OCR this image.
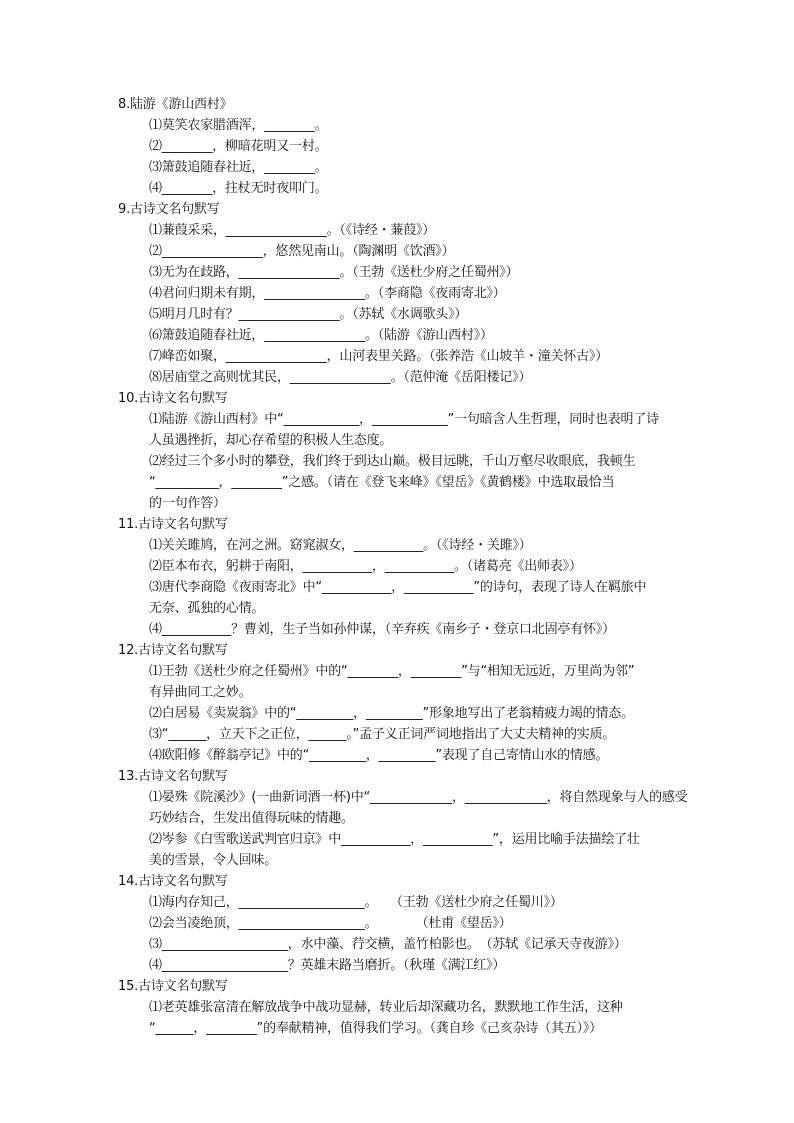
8.陆游《游山西村》
⑴莫笑农家腊酒浑，________。
⑵________，柳暗花明又一村。
⑶箫鼓追随春社近，________。
⑷________，拄杖无时夜叩门。
9.古诗文名句默写
⑴蒹葭采采，________________。（《诗经・蒹葭》）
⑵________________，悠然见南山。（陶渊明《饮酒》）
⑶无为在歧路，________________。（王勃《送杜少府之任蜀州》）
⑷君问归期未有期，________________。（李商隐《夜雨寄北》）
⑸明月几时有？________________。（苏轼《水调歌头》）
⑹箫鼓追随春社近，________________。（陆游《游山西村》）
⑺峰峦如聚，________________，山河表里关路。（张养浩《山坡羊・潼关怀古》）
⑻居庙堂之高则忧其民，________________。（范仲淹《岳阳楼记》）
10.古诗文名句默写
⑴陆游《游山西村》中“____________，____________”一句暗含人生哲理，同时也表明了诗
人虽遇挫折，却心存希望的积极人生态度。
⑵经过三个多小时的攀登，我们终于到达山巅。极目远眺，千山万壑尽收眼底，我顿生
“__________，________”之感。（请在《登飞来峰》《望岳》《黄鹤楼》中选取最恰当
的一句作答）
11.古诗文名句默写
⑴关关雎鸠，在河之洲。窈窕淑女，___________。（《诗经・关雎》）
⑵臣本布衣，躬耕于南阳，___________，___________。（诸葛亮《出师表》）
⑶唐代李商隐《夜雨寄北》中“___________，___________”的诗句，表现了诗人在羁旅中
无奈、孤独的心情。
⑷___________？曹刘，生子当如孙仲谋，（辛弃疾《南乡子・登京口北固亭有怀》）
12.古诗文名句默写
⑴王勃《送杜少府之任蜀州》中的“________，________”与“相知无远近，万里尚为邻”
有异曲同工之妙。
⑵白居易《卖炭翁》中的“_________，_________”形象地写出了老翁精疲力竭的情态。
⑶“______，立天下之正位，______。”孟子义正词严词地指出了大丈夫精神的实质。
⑷欧阳修《醉翁亭记》中的“_________，_________”表现了自己寄情山水的情感。
13.古诗文名句默写
⑴晏殊《院溪沙》(一曲新词酒一杯)中“_____________，_____________，将自然现象与人的感受
巧妙结合，生发出值得玩味的情趣。
⑵岑参《白雪歌送武判官归京》中___________，___________”，运用比喻手法描绘了壮
美的雪景，令人回味。
14.古诗文名句默写
⑴海内存知己，____________________。　　（王勃《送杜少府之任蜀川》）
⑵会当凌绝顶，____________________。　　　　（杜甫《望岳》）
⑶____________________，水中藻、荇交横，盖竹柏影也。　（苏轼《记承天寺夜游》）
⑷____________________？英雄末路当磨折。（秋瑾《满江红》）
15.古诗文名句默写
⑴老英雄张富清在解放战争中战功显赫，转业后却深藏功名，默默地工作生活，这种
“______，________”的奉献精神，值得我们学习。（龚自珍《己亥杂诗（其五）》）
